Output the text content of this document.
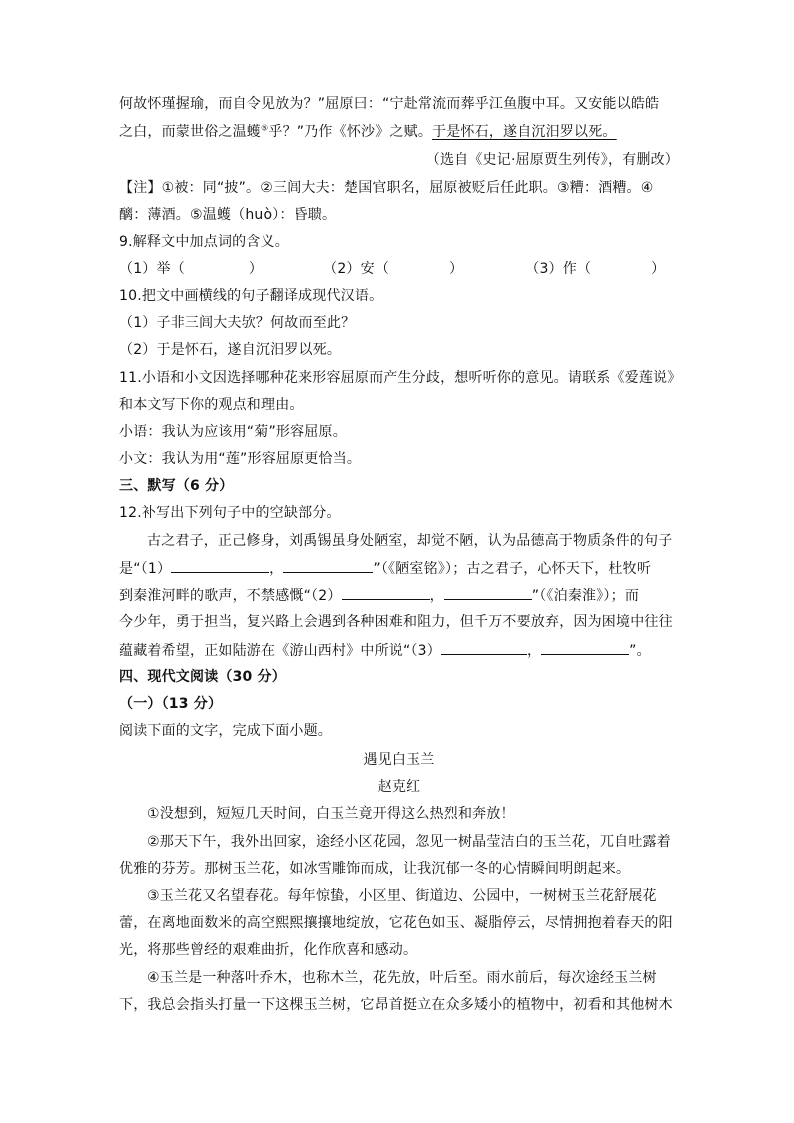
何故怀瑾握瑜，而自令见放为？”屈原曰：“宁赴常流而葬乎江鱼腹中耳。又安能以皓皓
之白，而蒙世俗之温蠖⑤乎？”乃作《怀沙》之赋。于是怀石，遂自沉汨罗以死。
（选自《史记·屈原贾生列传》，有删改）
【注】①被：同“披”。②三闾大夫：楚国官职名，屈原被贬后任此职。③糟：酒糟。④
醨：薄酒。⑤温蠖（huò）：昏聩。
9.解释文中加点词的含义。
（1）举（	）	（2）安（	）	（3）作（	）
10.把文中画横线的句子翻译成现代汉语。
（1）子非三闾大夫欤？何故而至此？
（2）于是怀石，遂自沉汨罗以死。
11.小语和小文因选择哪种花来形容屈原而产生分歧，想听听你的意见。请联系《爱莲说》
和本文写下你的观点和理由。
小语：我认为应该用“菊”形容屈原。
小文：我认为用“莲”形容屈原更恰当。
三、默写（6 分）
12.补写出下列句子中的空缺部分。
古之君子，正己修身，刘禹锡虽身处陋室，却觉不陋，认为品德高于物质条件的句子
是“（1）	，	”（《陋室铭》）；古之君子，心怀天下，杜牧听
到秦淮河畔的歌声，不禁感慨“（2）	，	”（《泊秦淮》）；而
今少年，勇于担当，复兴路上会遇到各种困难和阻力，但千万不要放弃，因为困境中往往
蕴藏着希望，正如陆游在《游山西村》中所说“（3）	，	”。
四、现代文阅读（30 分）
（一）（13 分）
阅读下面的文字，完成下面小题。
遇见白玉兰
赵克红
①没想到，短短几天时间，白玉兰竟开得这么热烈和奔放！
②那天下午，我外出回家，途经小区花园，忽见一树晶莹洁白的玉兰花，兀自吐露着
优雅的芬芳。那树玉兰花，如冰雪雕饰而成，让我沉郁一冬的心情瞬间明朗起来。
③玉兰花又名望春花。每年惊蛰，小区里、街道边、公园中，一树树玉兰花舒展花
蕾，在离地面数米的高空熙熙攘攘地绽放，它花色如玉、凝脂停云，尽情拥抱着春天的阳
光，将那些曾经的艰难曲折，化作欣喜和感动。
④玉兰是一种落叶乔木，也称木兰，花先放，叶后至。雨水前后，每次途经玉兰树
下，我总会指头打量一下这棵玉兰树，它昂首挺立在众多矮小的植物中，初看和其他树木
